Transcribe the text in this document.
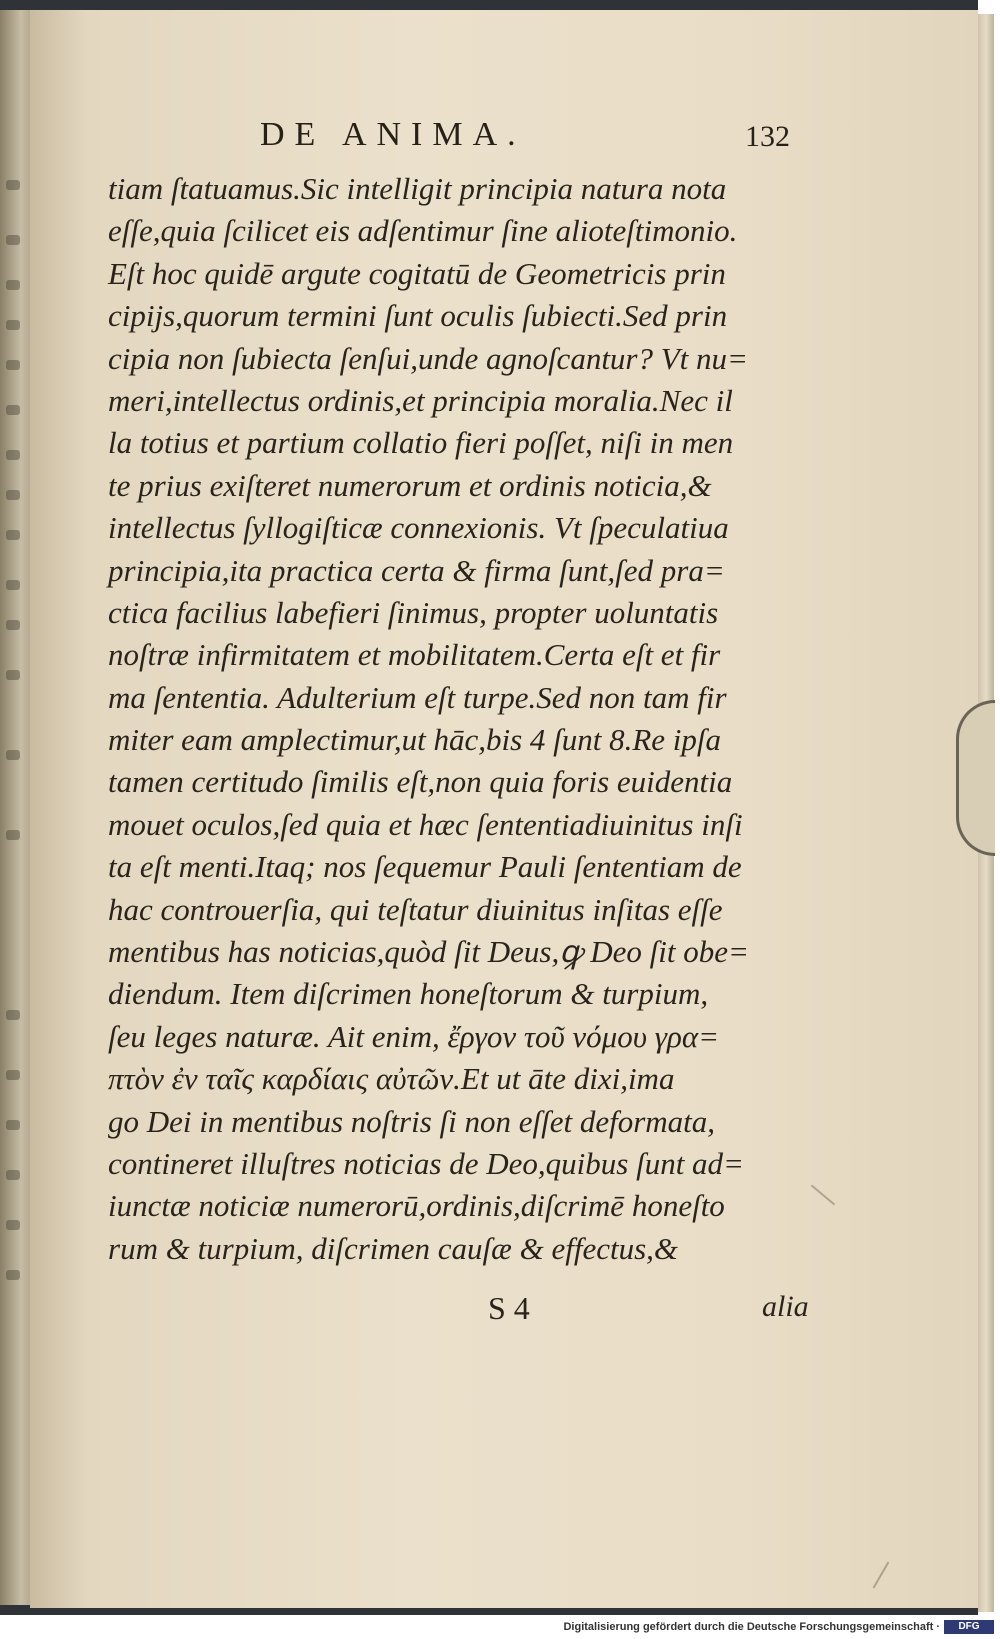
DE ANIMA.	132
tiam ſtatuamus.Sic intelligit principia natura nota
eſſe,quia ſcilicet eis adſentimur ſine alioteſtimonio.
Eſt hoc quidē argute cogitatū de Geometricis prin
cipijs,quorum termini ſunt oculis ſubiecti.Sed prin
cipia non ſubiecta ſenſui,unde agnoſcantur? Vt nu=
meri,intellectus ordinis,et principia moralia.Nec il
la totius et partium collatio fieri poſſet, niſi in men
te prius exiſteret numerorum et ordinis noticia,&
intellectus ſyllogiſticæ connexionis. Vt ſpeculatiua
principia,ita practica certa & firma ſunt,ſed pra=
ctica facilius labefieri ſinimus, propter uoluntatis
noſtræ infirmitatem et mobilitatem.Certa eſt et fir
ma ſententia. Adulterium eſt turpe.Sed non tam fir
miter eam amplectimur,ut hāc,bis 4 ſunt 8.Re ipſa
tamen certitudo ſimilis eſt,non quia foris euidentia
mouet oculos,ſed quia et hæc ſententiadiuinitus inſi
ta eſt menti.Itaq; nos ſequemur Pauli ſententiam de
hac controuerſia, qui teſtatur diuinitus inſitas eſſe
mentibus has noticias,quòd ſit Deus,ꝙ Deo ſit obe=
diendum. Item diſcrimen honeſtorum & turpium,
ſeu leges naturæ. Ait enim, ἔργον τοῦ νόμου γρα=
πτὸν ἐν ταῖς καρδίαις αὐτῶν.Et ut āte dixi,ima
go Dei in mentibus noſtris ſi non eſſet deformata,
contineret illuſtres noticias de Deo,quibus ſunt ad=
iunctæ noticiæ numerorū,ordinis,diſcrimē honeſto
rum & turpium, diſcrimen cauſæ & effectus,&
S 4	alia
Digitalisierung gefördert durch die Deutsche Forschungsgemeinschaft ·	DFG
